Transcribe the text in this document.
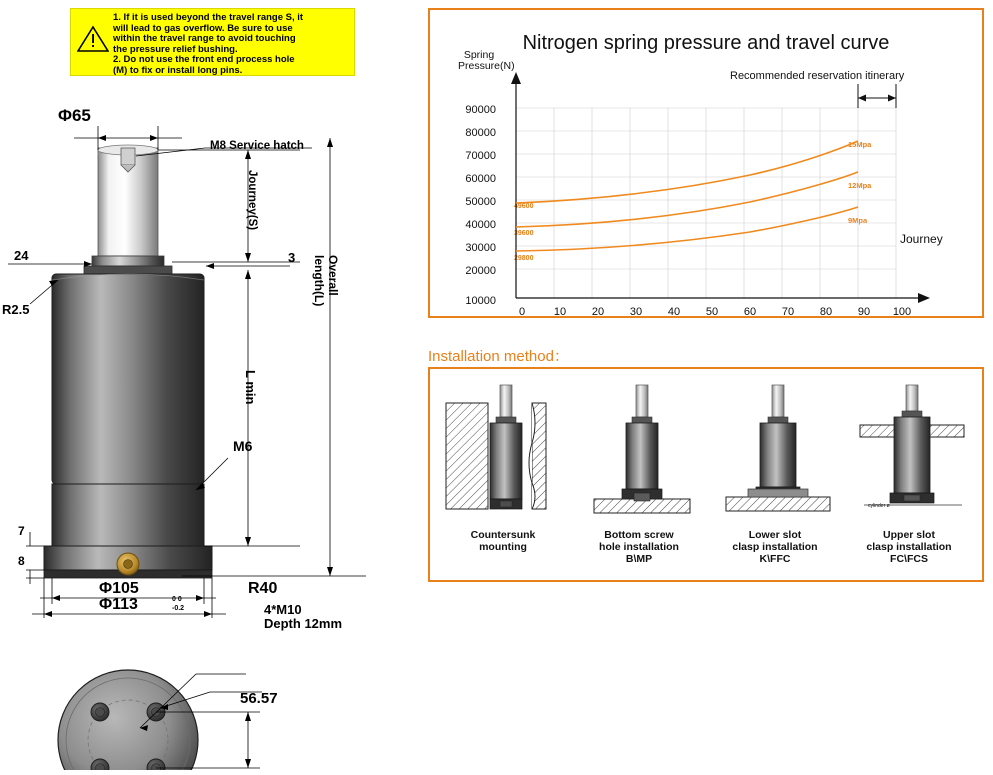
1. If it is used beyond the travel range S, it
will lead to gas overflow. Be sure to use
within the travel range to avoid touching
the pressure relief bushing.
2. Do not use the front end process hole
(M) to fix or install long pins.
Φ65
M8 Service hatch
Journey(S)
Overall length(L)
L min
24	3
R2.5
M6
7
8
Φ105
Φ113	0 0
-0.2
R40
4*M10
Depth 12mm
56.57
Nitrogen spring pressure and travel curve
Spring Pressure(N)
Journey
Recommended reservation itinerary
90000
80000
70000
60000
50000
40000
30000
20000
10000
0	10	20	30	40	50	60	70	80	90	100
15Mpa
12Mpa
9Mpa
49600
39600
29800
Installation method：
Countersunk
mounting
Bottom screw
hole installation
B\MP
Lower slot
clasp installation
K\FFC
cylinder ø
Upper slot
clasp installation
FC\FCS
